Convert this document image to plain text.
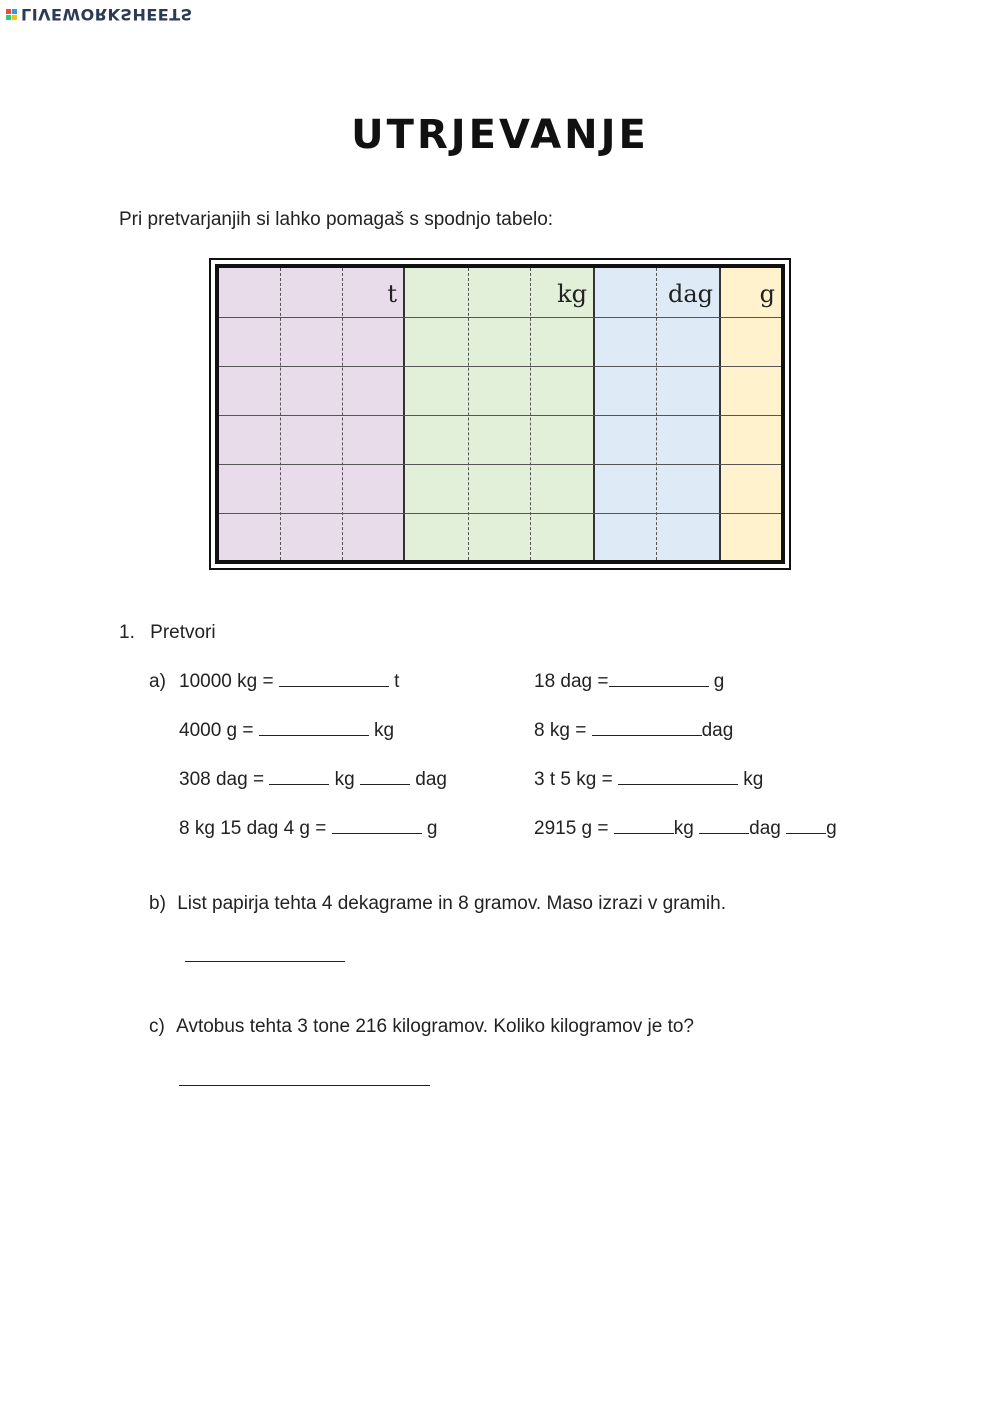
LIVEWORKSHEETS
UTRJEVANJE
Pri pretvarjanjih si lahko pomagaš s spodnjo tabelo:
t	kg	dag g
1. Pretvori
a) 10000 kg =	t
4000 g =	kg
308 dag =	kg	dag
8 kg 15 dag 4 g =	g
18 dag =	g
8 kg =	dag
3 t 5 kg =	kg
2915 g =	kg	dag g
b) List papirja tehta 4 dekagrame in 8 gramov. Maso izrazi v gramih.
c) Avtobus tehta 3 tone 216 kilogramov. Koliko kilogramov je to?
